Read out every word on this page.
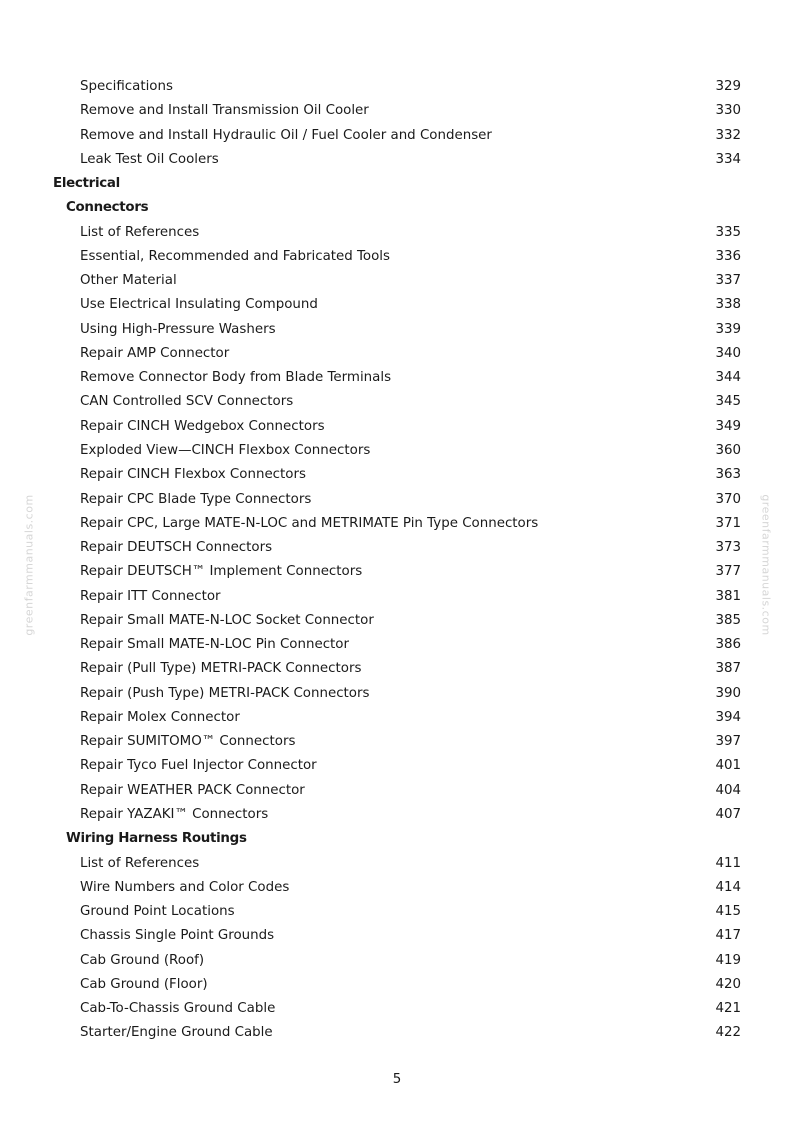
Specifications	329
Remove and Install Transmission Oil Cooler	330
Remove and Install Hydraulic Oil / Fuel Cooler and Condenser	332
Leak Test Oil Coolers	334
Electrical
Connectors
List of References	335
Essential, Recommended and Fabricated Tools	336
Other Material	337
Use Electrical Insulating Compound	338
Using High-Pressure Washers	339
Repair AMP Connector	340
Remove Connector Body from Blade Terminals	344
CAN Controlled SCV Connectors	345
Repair CINCH Wedgebox Connectors	349
Exploded View—CINCH Flexbox Connectors	360
Repair CINCH Flexbox Connectors	363
Repair CPC Blade Type Connectors	370
Repair CPC, Large MATE-N-LOC and METRIMATE Pin Type Connectors	371
Repair DEUTSCH Connectors	373
Repair DEUTSCH™ Implement Connectors	377
Repair ITT Connector	381
Repair Small MATE-N-LOC Socket Connector	385
Repair Small MATE-N-LOC Pin Connector	386
Repair (Pull Type) METRI-PACK Connectors	387
Repair (Push Type) METRI-PACK Connectors	390
Repair Molex Connector	394
Repair SUMITOMO™ Connectors	397
Repair Tyco Fuel Injector Connector	401
Repair WEATHER PACK Connector	404
Repair YAZAKI™ Connectors	407
Wiring Harness Routings
List of References	411
Wire Numbers and Color Codes	414
Ground Point Locations	415
Chassis Single Point Grounds	417
Cab Ground (Roof)	419
Cab Ground (Floor)	420
Cab-To-Chassis Ground Cable	421
Starter/Engine Ground Cable	422
5
greenfarmmanuals.com	greenfarmmanuals.com
